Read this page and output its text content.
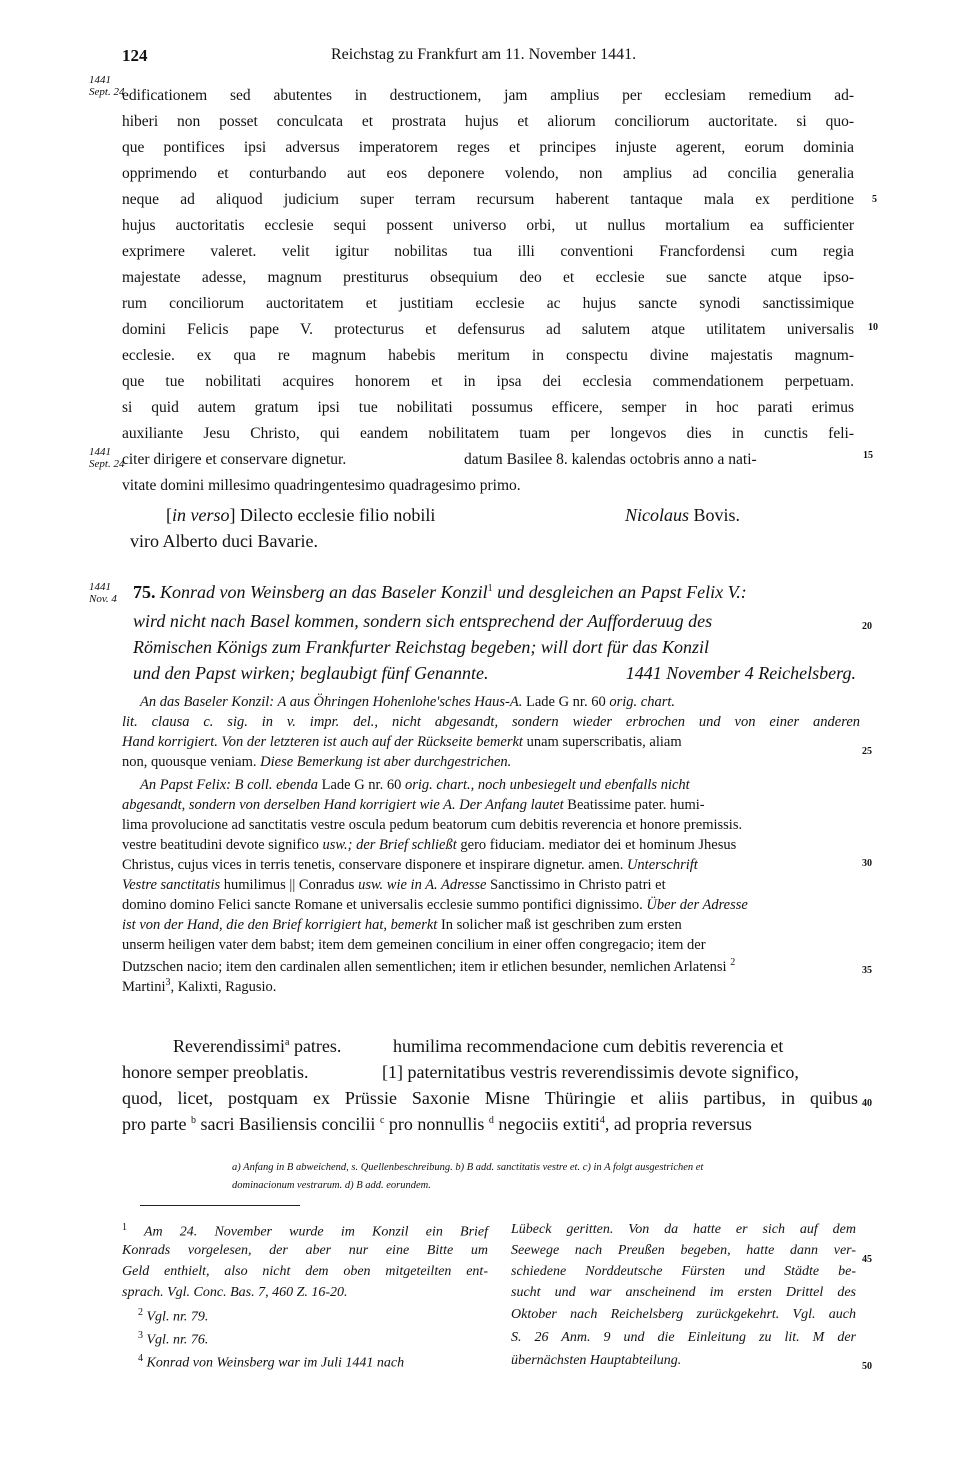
124	Reichstag zu Frankfurt am 11. November 1441.
1441
Sept. 24
1441
Sept. 24
1441
Nov. 4
5
10
15
20
25
30
35
40
45
50
edificationem sed abutentes in destructionem, jam amplius per ecclesiam remedium ad-
hiberi non posset conculcata et prostrata hujus et aliorum conciliorum auctoritate. si quo-
que pontifices ipsi adversus imperatorem reges et principes injuste agerent, eorum dominia
opprimendo et conturbando aut eos deponere volendo, non amplius ad concilia generalia
neque ad aliquod judicium super terram recursum haberent tantaque mala ex perditione
hujus auctoritatis ecclesie sequi possent universo orbi, ut nullus mortalium ea sufficienter
exprimere valeret. velit igitur nobilitas tua illi conventioni Francfordensi cum regia
majestate adesse, magnum prestiturus obsequium deo et ecclesie sue sancte atque ipso-
rum conciliorum auctoritatem et justitiam ecclesie ac hujus sancte synodi sanctissimique
domini Felicis pape V. protecturus et defensurus ad salutem atque utilitatem universalis
ecclesie. ex qua re magnum habebis meritum in conspectu divine majestatis magnum-
que tue nobilitati acquires honorem et in ipsa dei ecclesia commendationem perpetuam.
si quid autem gratum ipsi tue nobilitati possumus efficere, semper in hoc parati erimus
auxiliante Jesu Christo, qui eandem nobilitatem tuam per longevos dies in cunctis feli-
citer dirigere et conservare dignetur.	datum Basilee 8. kalendas octobris anno a nati-
vitate domini millesimo quadringentesimo quadragesimo primo.
[in verso] Dilecto ecclesie filio nobili
viro Alberto duci Bavarie.
Nicolaus Bovis.
75. Konrad von Weinsberg an das Baseler Konzil$^1$ und desgleichen an Papst Felix V.:
wird nicht nach Basel kommen, sondern sich entsprechend der Aufforderuug des
Römischen Königs zum Frankfurter Reichstag begeben; will dort für das Konzil
und den Papst wirken; beglaubigt fünf Genannte.	1441 November 4 Reichelsberg.
An das Baseler Konzil: A aus Öhringen Hohenlohe'sches Haus-A. Lade G nr. 60 orig. chart.
lit. clausa c. sig. in v. impr. del., nicht abgesandt, sondern wieder erbrochen und von einer anderen
Hand korrigiert. Von der letzteren ist auch auf der Rückseite bemerkt unam superscribatis, aliam
non, quousque veniam. Diese Bemerkung ist aber durchgestrichen.
An Papst Felix: B coll. ebenda Lade G nr. 60 orig. chart., noch unbesiegelt und ebenfalls nicht
abgesandt, sondern von derselben Hand korrigiert wie A. Der Anfang lautet Beatissime pater. humi-
lima provolucione ad sanctitatis vestre oscula pedum beatorum cum debitis reverencia et honore premissis.
vestre beatitudini devote significo usw.; der Brief schließt gero fiduciam. mediator dei et hominum Jhesus
Christus, cujus vices in terris tenetis, conservare disponere et inspirare dignetur. amen. Unterschrift
Vestre sanctitatis humilimus || Conradus usw. wie in A. Adresse Sanctissimo in Christo patri et
domino domino Felici sancte Romane et universalis ecclesie summo pontifici dignissimo. Über der Adresse
ist von der Hand, die den Brief korrigiert hat, bemerkt In solicher maß ist geschriben zum ersten
unserm heiligen vater dem babst; item dem gemeinen concilium in einer offen congregacio; item der
Dutzschen nacio; item den cardinalen allen sementlichen; item ir etlichen besunder, nemlichen Arlatensi $^2$
Martini$^3$, Kalixti, Ragusio.
Reverendissimi$^a$ patres.	humilima recommendacione cum debitis reverencia et
honore semper preoblatis.	[1] paternitatibus vestris reverendissimis devote significo,
quod, licet, postquam ex Prüssie Saxonie Misne Thüringie et aliis partibus, in quibus
pro parte $^b$ sacri Basiliensis concilii $^c$ pro nonnullis $^d$ negociis extiti$^4$, ad propria reversus
a) Anfang in B abweichend, s. Quellenbeschreibung. b) B add. sanctitatis vestre et. c) in A folgt ausgestrichen et
dominacionum vestrarum. d) B add. eorundem.
$^1$ Am 24. November wurde im Konzil ein Brief
Konrads vorgelesen, der aber nur eine Bitte um
Geld enthielt, also nicht dem oben mitgeteilten ent-
sprach. Vgl. Conc. Bas. 7, 460 Z. 16-20.
$^2$ Vgl. nr. 79.
$^3$ Vgl. nr. 76.
$^4$ Konrad von Weinsberg war im Juli 1441 nach
Lübeck geritten. Von da hatte er sich auf dem
Seewege nach Preußen begeben, hatte dann ver-
schiedene Norddeutsche Fürsten und Städte be-
sucht und war anscheinend im ersten Drittel des
Oktober nach Reichelsberg zurückgekehrt. Vgl. auch
S. 26 Anm. 9 und die Einleitung zu lit. M der
übernächsten Hauptabteilung.
